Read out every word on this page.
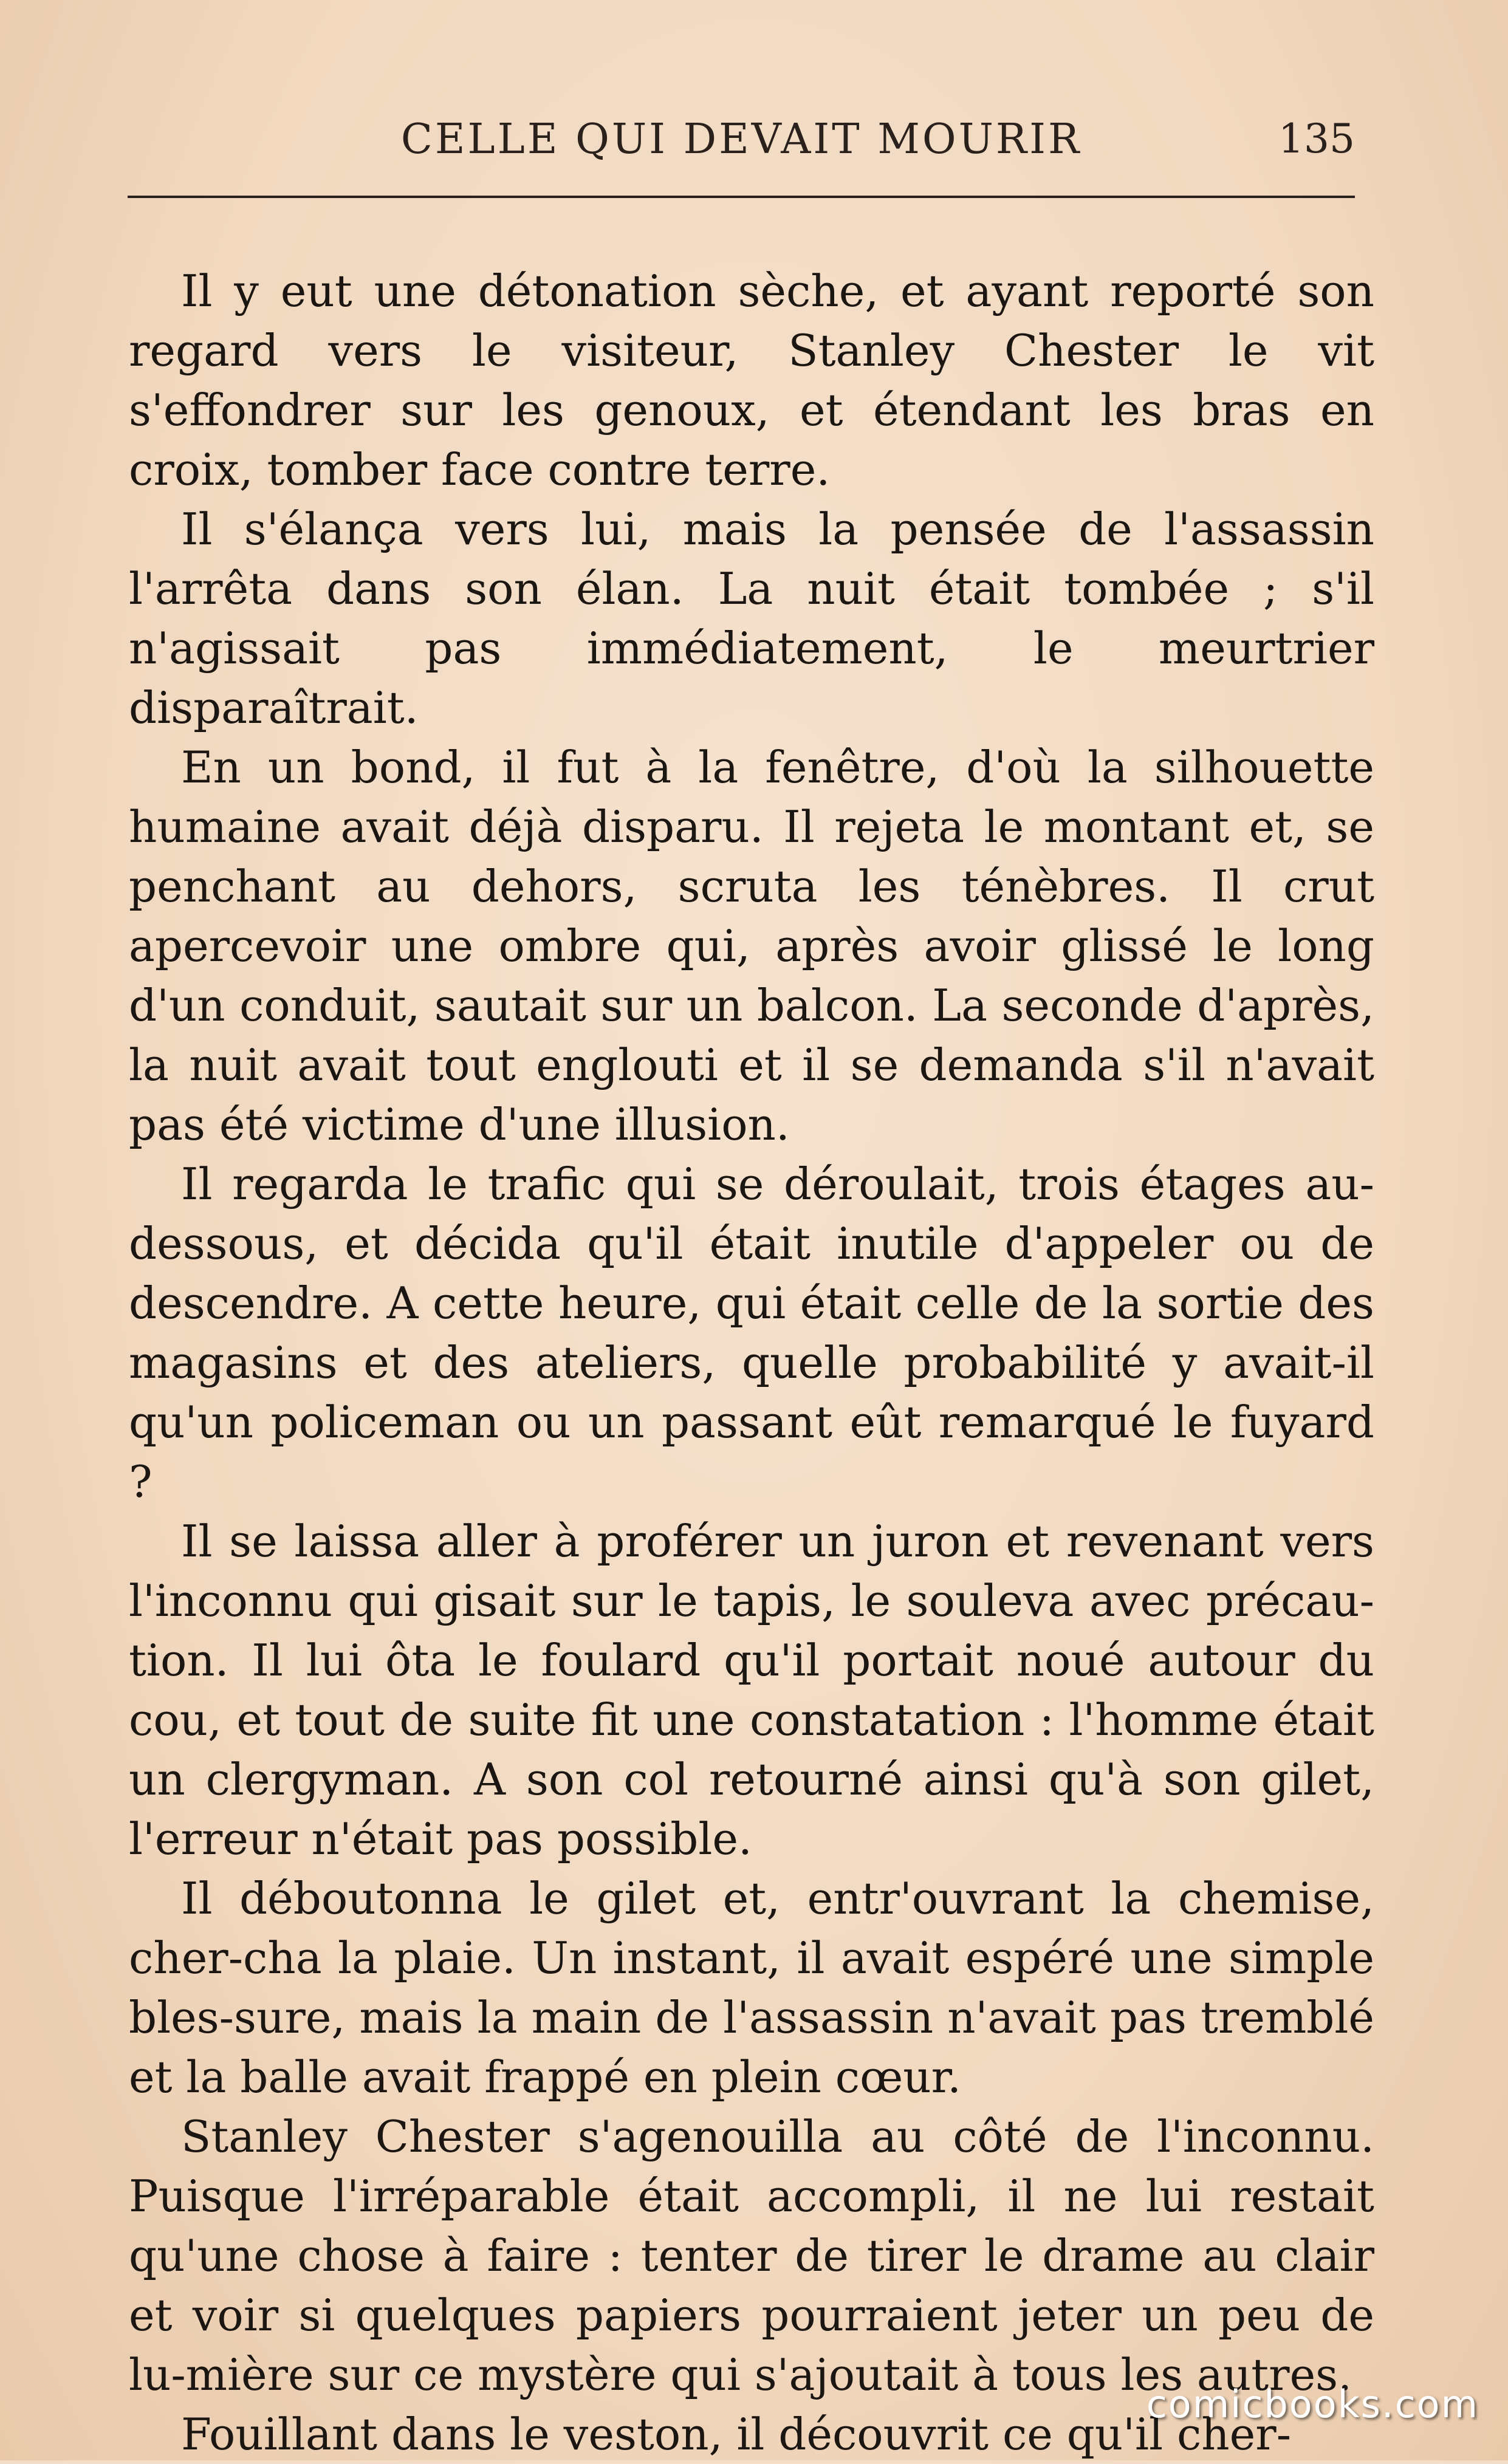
CELLE QUI DEVAIT MOURIR	135

Il y eut une détonation sèche, et ayant reporté son regard vers le visiteur, Stanley Chester le vit s'effondrer sur les genoux, et étendant les bras en croix, tomber face contre terre.

Il s'élança vers lui, mais la pensée de l'assassin l'arrêta dans son élan. La nuit était tombée ; s'il n'agissait pas immédiatement, le meurtrier disparaîtrait.

En un bond, il fut à la fenêtre, d'où la silhouette humaine avait déjà disparu. Il rejeta le montant et, se penchant au dehors, scruta les ténèbres. Il crut apercevoir une ombre qui, après avoir glissé le long d'un conduit, sautait sur un balcon. La seconde d'après, la nuit avait tout englouti et il se demanda s'il n'avait pas été victime d'une illusion.

Il regarda le trafic qui se déroulait, trois étages au-dessous, et décida qu'il était inutile d'appeler ou de descendre. A cette heure, qui était celle de la sortie des magasins et des ateliers, quelle probabilité y avait-il qu'un policeman ou un passant eût remarqué le fuyard ?

Il se laissa aller à proférer un juron et revenant vers l'inconnu qui gisait sur le tapis, le souleva avec précau-tion. Il lui ôta le foulard qu'il portait noué autour du cou, et tout de suite fit une constatation : l'homme était un clergyman. A son col retourné ainsi qu'à son gilet, l'erreur n'était pas possible.

Il déboutonna le gilet et, entr'ouvrant la chemise, cher-cha la plaie. Un instant, il avait espéré une simple bles-sure, mais la main de l'assassin n'avait pas tremblé et la balle avait frappé en plein cœur.

Stanley Chester s'agenouilla au côté de l'inconnu. Puisque l'irréparable était accompli, il ne lui restait qu'une chose à faire : tenter de tirer le drame au clair et voir si quelques papiers pourraient jeter un peu de lu-mière sur ce mystère qui s'ajoutait à tous les autres.

Fouillant dans le veston, il découvrit ce qu'il cher-

comicbooks.com
